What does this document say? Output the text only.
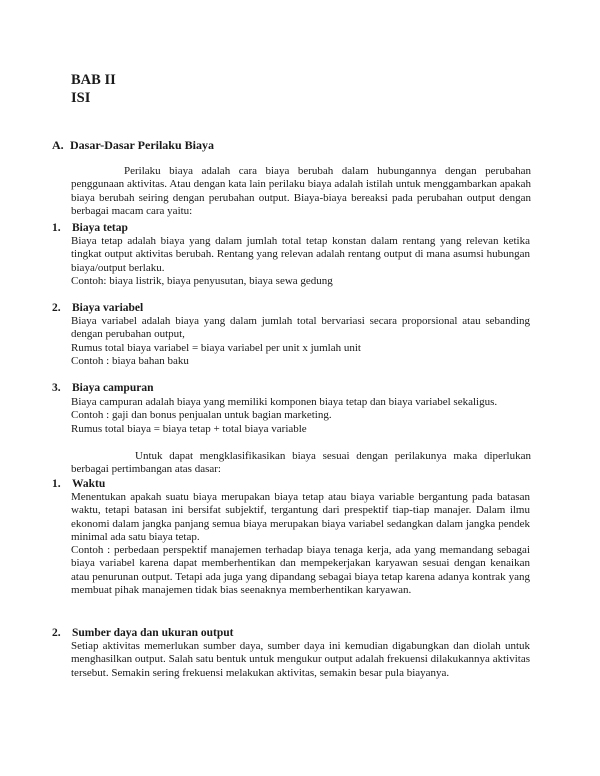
BAB II
ISI
A. Dasar-Dasar Perilaku Biaya
Perilaku biaya adalah cara biaya berubah dalam hubungannya dengan perubahan penggunaan aktivitas. Atau dengan kata lain perilaku biaya adalah istilah untuk menggambarkan apakah biaya berubah seiring dengan perubahan output. Biaya-biaya bereaksi pada perubahan output dengan berbagai macam cara yaitu:
1. Biaya tetap

Biaya tetap adalah biaya yang dalam jumlah total tetap konstan dalam rentang yang relevan ketika tingkat output aktivitas berubah. Rentang yang relevan adalah rentang output di mana asumsi hubungan biaya/output berlaku.

Contoh: biaya listrik, biaya penyusutan, biaya sewa gedung

2. Biaya variabel

Biaya variabel adalah biaya yang dalam jumlah total bervariasi secara proporsional atau sebanding dengan perubahan output,

Rumus total biaya variabel = biaya variabel per unit x jumlah unit

Contoh : biaya bahan baku

3. Biaya campuran

Biaya campuran adalah biaya yang memiliki komponen biaya tetap dan biaya variabel sekaligus.

Contoh : gaji dan bonus penjualan untuk bagian marketing.

Rumus total biaya = biaya tetap + total biaya variable

Untuk dapat mengklasifikasikan biaya sesuai dengan perilakunya maka diperlukan berbagai pertimbangan atas dasar:
1. Waktu

Menentukan apakah suatu biaya merupakan biaya tetap atau biaya variable bergantung pada batasan waktu, tetapi batasan ini bersifat subjektif, tergantung dari prespektif tiap-tiap manajer. Dalam ilmu ekonomi dalam jangka panjang semua biaya merupakan biaya variabel sedangkan dalam jangka pendek minimal ada satu biaya tetap.

Contoh : perbedaan perspektif manajemen terhadap biaya tenaga kerja, ada yang memandang sebagai biaya variabel karena dapat memberhentikan dan mempekerjakan karyawan sesuai dengan kenaikan atau penurunan output. Tetapi ada juga yang dipandang sebagai biaya tetap karena adanya kontrak yang membuat pihak manajemen tidak bias seenaknya memberhentikan karyawan.

2. Sumber daya dan ukuran output

Setiap aktivitas memerlukan sumber daya, sumber daya ini kemudian digabungkan dan diolah untuk menghasilkan output. Salah satu bentuk untuk mengukur output adalah frekuensi dilakukannya aktivitas tersebut. Semakin sering frekuensi melakukan aktivitas, semakin besar pula biayanya.
